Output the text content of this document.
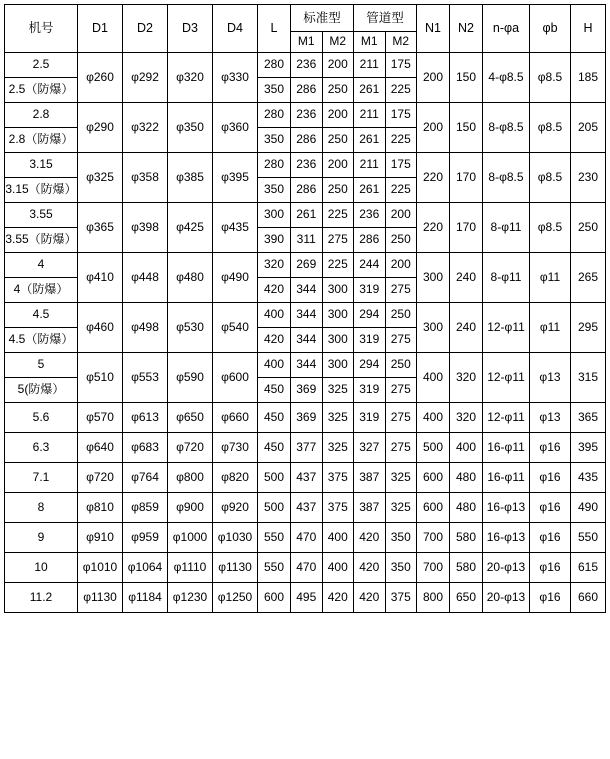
机号	D1	D2	D3	D4	L	标准型		管道型		N1	N2	n-φa	φb	H
						M1	M2	M1	M2					
2.5	φ260	φ292	φ320	φ330	280	236	200	211	175	200	150	4-φ8.5	φ8.5	185
2.5（防爆）					350	286	250	261	225					
2.8	φ290	φ322	φ350	φ360	280	236	200	211	175	200	150	8-φ8.5	φ8.5	205
2.8（防爆）					350	286	250	261	225					
3.15	φ325	φ358	φ385	φ395	280	236	200	211	175	220	170	8-φ8.5	φ8.5	230
3.15（防爆）					350	286	250	261	225					
3.55	φ365	φ398	φ425	φ435	300	261	225	236	200	220	170	8-φ11	φ8.5	250
3.55（防爆）					390	311	275	286	250					
4	φ410	φ448	φ480	φ490	320	269	225	244	200	300	240	8-φ11	φ11	265
4（防爆）					420	344	300	319	275					
4.5	φ460	φ498	φ530	φ540	400	344	300	294	250	300	240	12-φ11	φ11	295
4.5（防爆）					420	344	300	319	275					
5	φ510	φ553	φ590	φ600	400	344	300	294	250	400	320	12-φ11	φ13	315
5(防爆）					450	369	325	319	275					
5.6	φ570	φ613	φ650	φ660	450	369	325	319	275	400	320	12-φ11	φ13	365
6.3	φ640	φ683	φ720	φ730	450	377	325	327	275	500	400	16-φ11	φ16	395
7.1	φ720	φ764	φ800	φ820	500	437	375	387	325	600	480	16-φ11	φ16	435
8	φ810	φ859	φ900	φ920	500	437	375	387	325	600	480	16-φ13	φ16	490
9	φ910	φ959	φ1000	φ1030	550	470	400	420	350	700	580	16-φ13	φ16	550
10	φ1010	φ1064	φ1110	φ1130	550	470	400	420	350	700	580	20-φ13	φ16	615
11.2	φ1130	φ1184	φ1230	φ1250	600	495	420	420	375	800	650	20-φ13	φ16	660
